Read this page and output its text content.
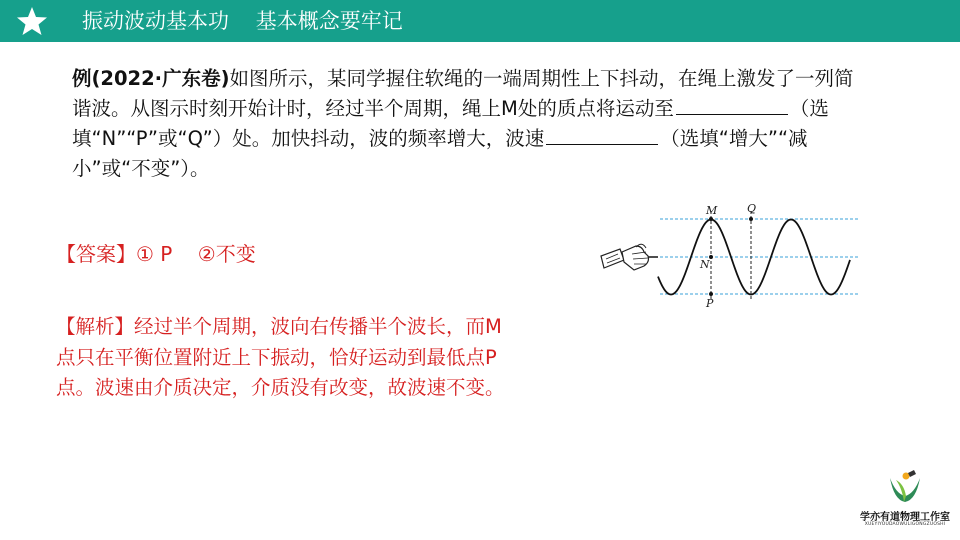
振动波动基本功    基本概念要牢记
例(2022·广东卷)如图所示，某同学握住软绳的一端周期性上下抖动，在绳上激发了一列简谐波。从图示时刻开始计时，经过半个周期，绳上M处的质点将运动至	（选填“N”“P”或“Q”）处。加快抖动，波的频率增大，波速	（选填“增大”“减小”或“不变”）。
【答案】① P    ②不变
【解析】经过半个周期，波向右传播半个波长，而M点只在平衡位置附近上下振动，恰好运动到最低点P点。波速由介质决定，介质没有改变，故波速不变。
M	Q
N
P
学亦有道物理工作室
XUEYIYOUDAOWULIGONGZUOSHI
